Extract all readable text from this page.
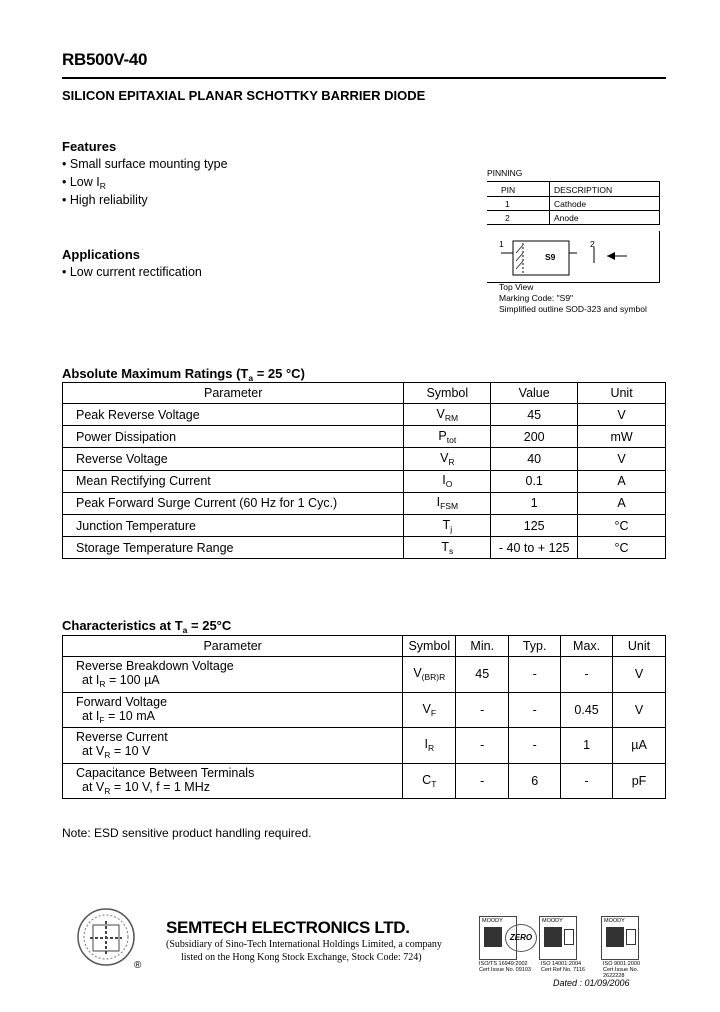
RB500V-40
SILICON EPITAXIAL PLANAR SCHOTTKY BARRIER DIODE
Features
• Small surface mounting type
• Low $I_R$
• High reliability
Applications
• Low current rectification
PINNING
PIN	DESCRIPTION
1	Cathode
2	Anode
1	2
S9
Top View
Marking Code: "S9"
Simplified outline SOD-323 and symbol
Absolute Maximum Ratings ($T_a = 25$ °C)
Parameter	Symbol	Value	Unit
Peak Reverse Voltage	$V_{RM}$	45	V
Power Dissipation	$P_{tot}$	200	mW
Reverse Voltage	$V_R$	40	V
Mean Rectifying Current	$I_O$	0.1	A
Peak Forward Surge Current (60 Hz for 1 Cyc.)	$I_{FSM}$	1	A
Junction Temperature	$T_j$	125	°C
Storage Temperature Range	$T_s$	- 40 to + 125	°C
Characteristics at $T_a = 25^\circ C$
Parameter	Symbol	Min.	Typ.	Max.	Unit

Reverse Breakdown Voltage
at $I_R = 100$ µA	$V_{(BR)R}$	45	-	-	V

Forward Voltage
at $I_F = 10$ mA	$V_F$	-	-	0.45	V

Reverse Current
at $V_R = 10$ V	$I_R$	-	-	1	µA

Capacitance Between Terminals
at $V_R = 10$ V, f = 1 MHz	$C_T$	-	6	-	pF
Note: ESD sensitive product handling required.
®
SEMTECH ELECTRONICS LTD.
(Subsidiary of Sino-Tech International Holdings Limited, a company
listed on the Hong Kong Stock Exchange, Stock Code: 724)
MOODY
ZERO
MOODY	MOODY
ISO/TS 16949:2002
Cert Issue No. 09103
ISO 14001:2004
Cert Ref No. 7116
ISO 9001:2000
Cert Issue No. 2622228
Dated : 01/09/2006
